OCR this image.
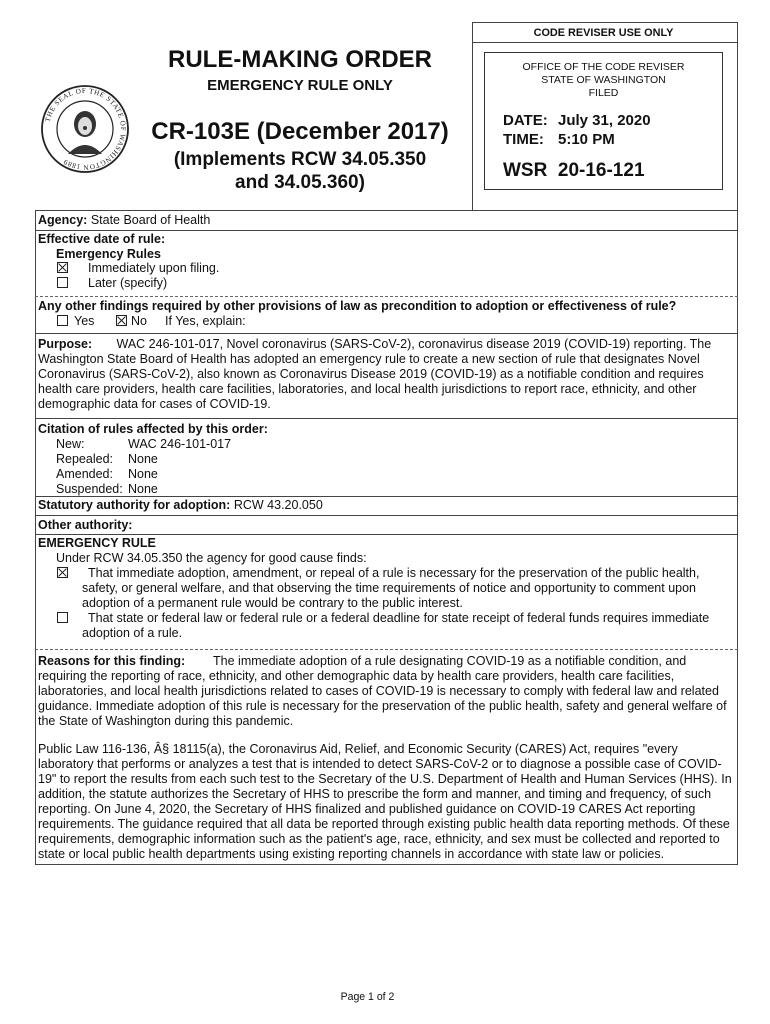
CODE REVISER USE ONLY
OFFICE OF THE CODE REVISER
STATE OF WASHINGTON
FILED
DATE: July 31, 2020
TIME: 5:10 PM
WSR  20-16-121
THE SEAL OF THE STATE OF WASHINGTON 1889
RULE-MAKING ORDER
EMERGENCY RULE ONLY
CR-103E (December 2017)
(Implements RCW 34.05.350
and 34.05.360)
Agency: State Board of Health
Effective date of rule:
Emergency Rules
Immediately upon filing.
Later (specify)
Any other findings required by other provisions of law as precondition to adoption or effectiveness of rule?
Yes	No If Yes, explain:
Purpose: WAC 246-101-017, Novel coronavirus (SARS-CoV-2), coronavirus disease 2019 (COVID-19) reporting. The
Washington State Board of Health has adopted an emergency rule to create a new section of rule that designates Novel
Coronavirus (SARS-CoV-2), also known as Coronavirus Disease 2019 (COVID-19) as a notifiable condition and requires
health care providers, health care facilities, laboratories, and local health jurisdictions to report race, ethnicity, and other
demographic data for cases of COVID-19.
Citation of rules affected by this order:
New:	WAC 246-101-017
Repealed: None
Amended: None
Suspended: None
Statutory authority for adoption: RCW 43.20.050
Other authority:
EMERGENCY RULE
Under RCW 34.05.350 the agency for good cause finds:
That immediate adoption, amendment, or repeal of a rule is necessary for the preservation of the public health,
safety, or general welfare, and that observing the time requirements of notice and opportunity to comment upon
adoption of a permanent rule would be contrary to the public interest.
That state or federal law or federal rule or a federal deadline for state receipt of federal funds requires immediate
adoption of a rule.
Reasons for this finding: The immediate adoption of a rule designating COVID-19 as a notifiable condition, and
requiring the reporting of race, ethnicity, and other demographic data by health care providers, health care facilities,
laboratories, and local health jurisdictions related to cases of COVID-19 is necessary to comply with federal law and related
guidance. Immediate adoption of this rule is necessary for the preservation of the public health, safety and general welfare of
the State of Washington during this pandemic.
Public Law 116-136, Â§ 18115(a), the Coronavirus Aid, Relief, and Economic Security (CARES) Act, requires "every
laboratory that performs or analyzes a test that is intended to detect SARS-CoV-2 or to diagnose a possible case of COVID-
19" to report the results from each such test to the Secretary of the U.S. Department of Health and Human Services (HHS). In
addition, the statute authorizes the Secretary of HHS to prescribe the form and manner, and timing and frequency, of such
reporting. On June 4, 2020, the Secretary of HHS finalized and published guidance on COVID-19 CARES Act reporting
requirements. The guidance required that all data be reported through existing public health data reporting methods. Of these
requirements, demographic information such as the patient's age, race, ethnicity, and sex must be collected and reported to
state or local public health departments using existing reporting channels in accordance with state law or policies.
Page 1 of 2
